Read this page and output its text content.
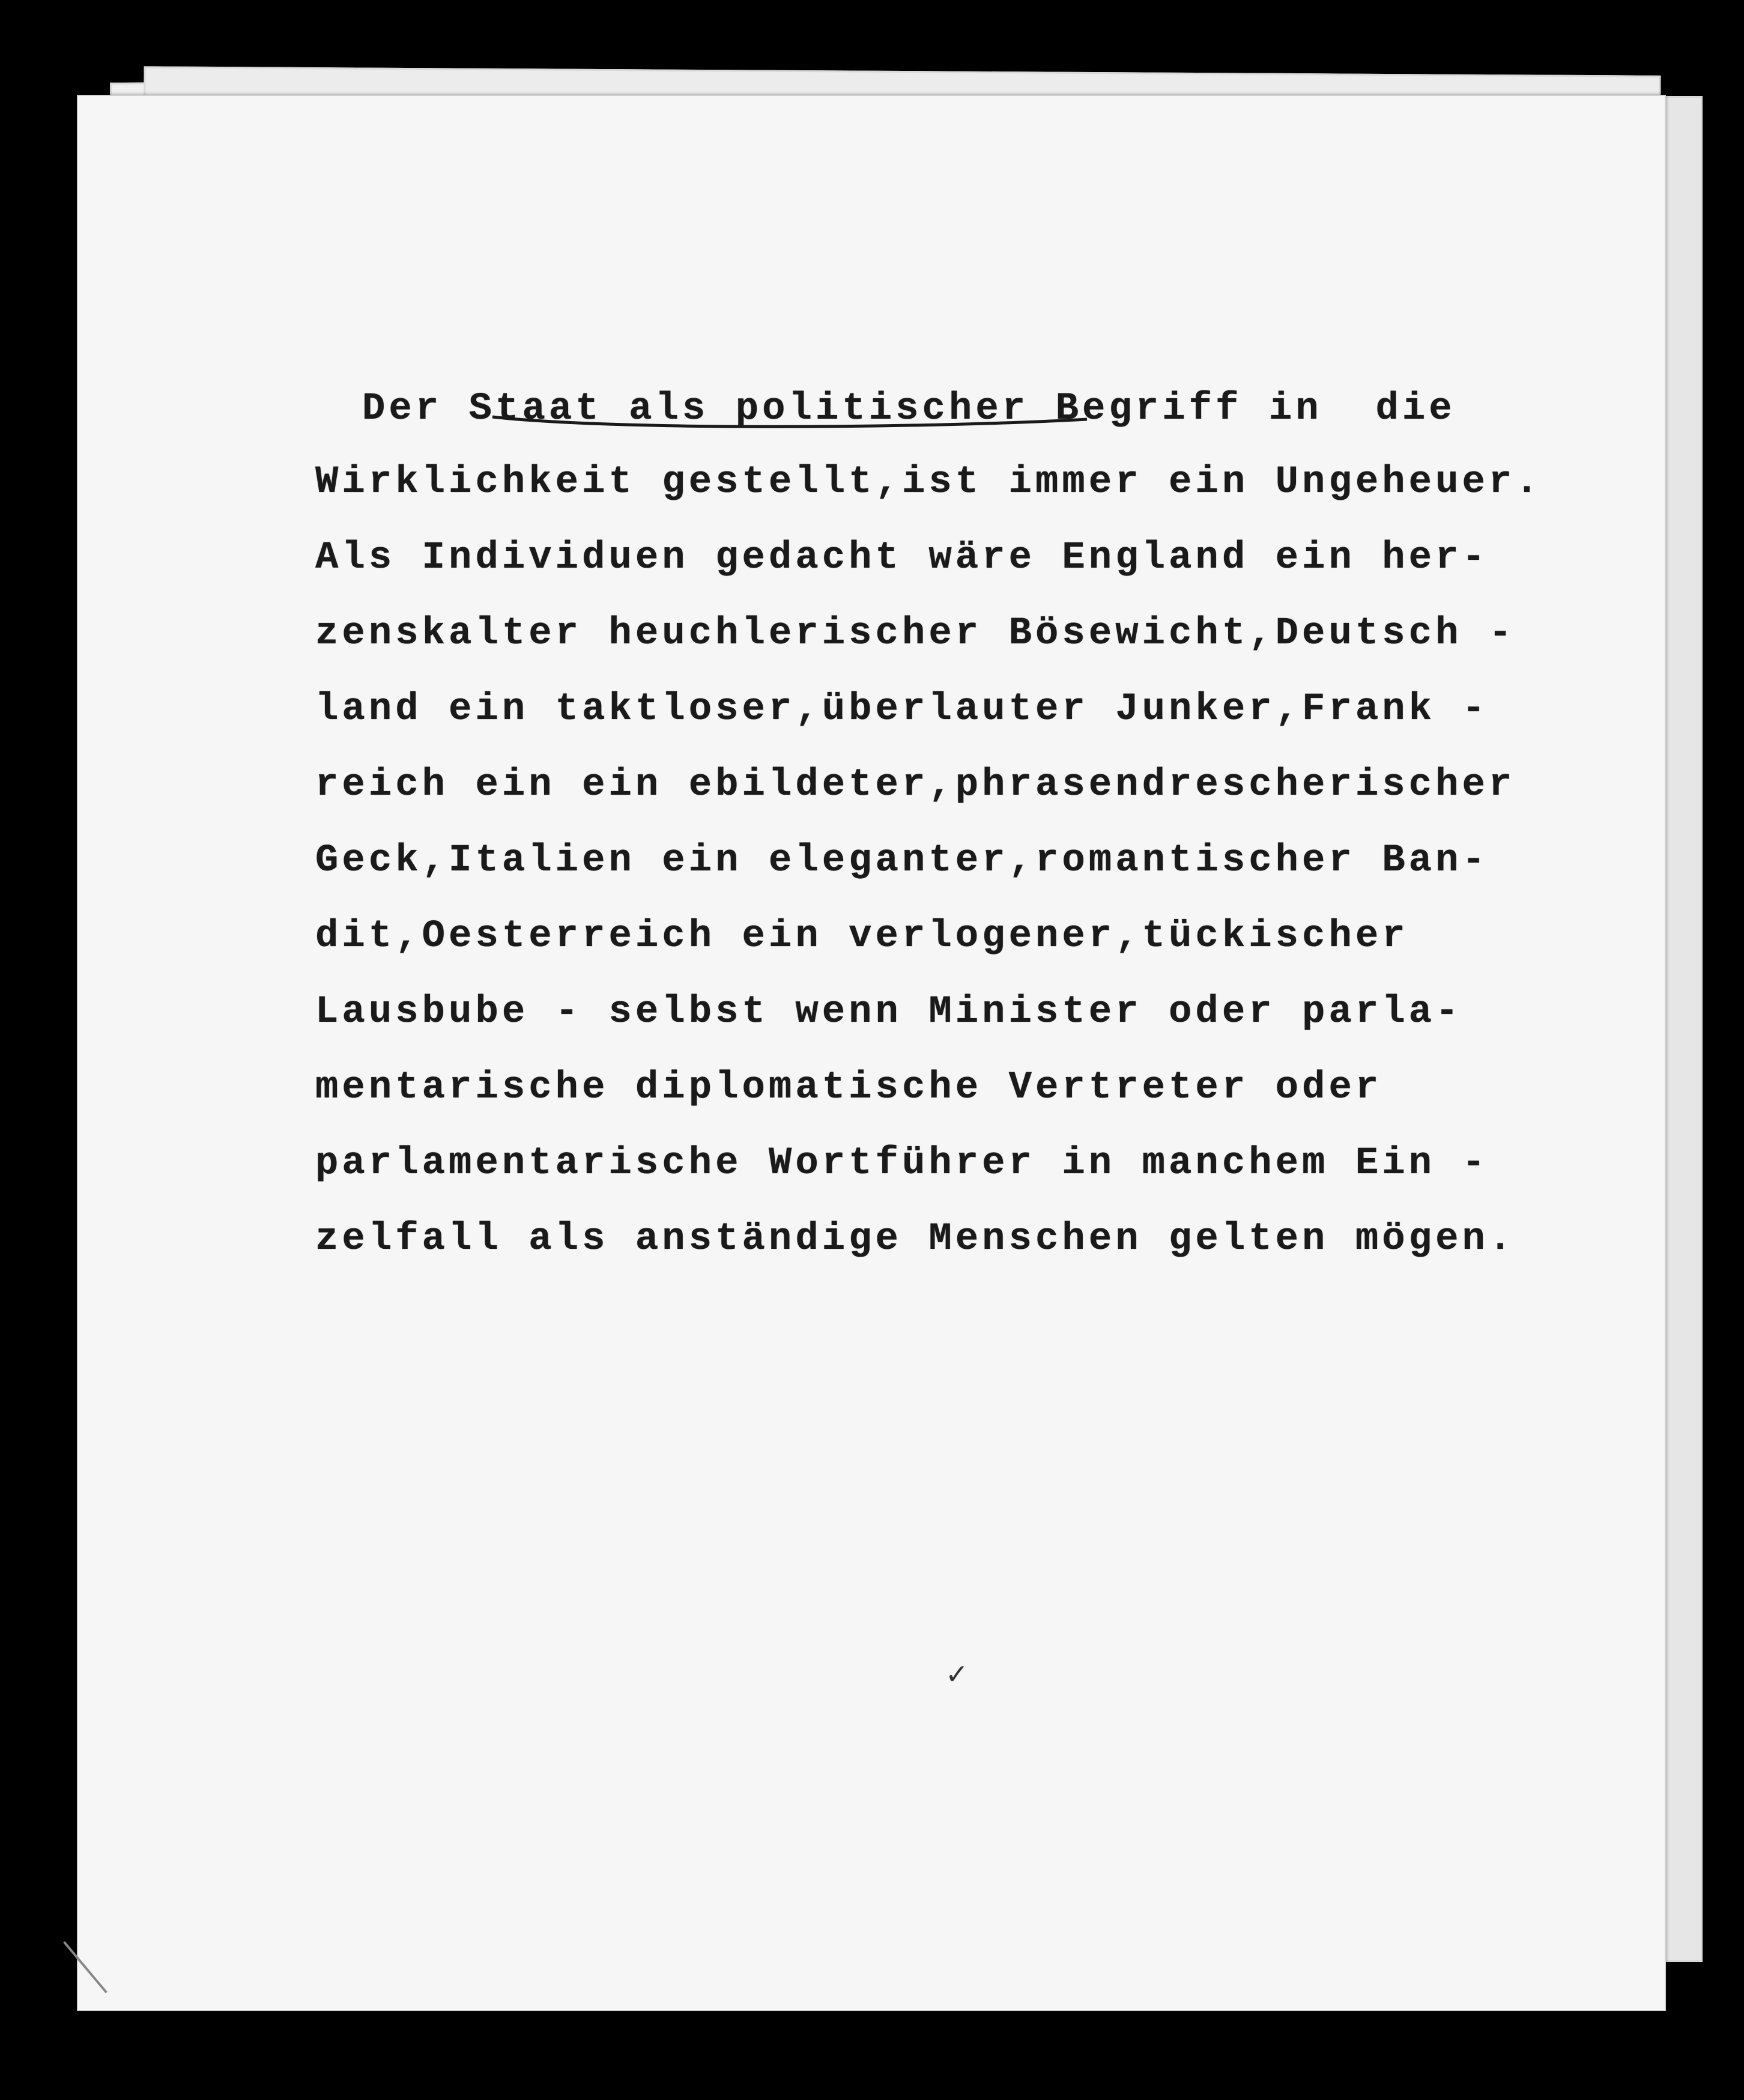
Der Staat als politischer Begriff in  die
Wirklichkeit gestellt,ist immer ein Ungeheuer.
Als Individuen gedacht wäre England ein her-
zenskalter heuchlerischer Bösewicht,Deutsch -
land ein taktloser,überlauter Junker,Frank -
reich ein ein ebildeter,phrasendrescherischer
Geck,Italien ein eleganter,romantischer Ban-
dit,Oesterreich ein verlogener,tückischer
Lausbube - selbst wenn Minister oder parla-
mentarische diplomatische Vertreter oder
parlamentarische Wortführer in manchem Ein -
zelfall als anständige Menschen gelten mögen.
✓
